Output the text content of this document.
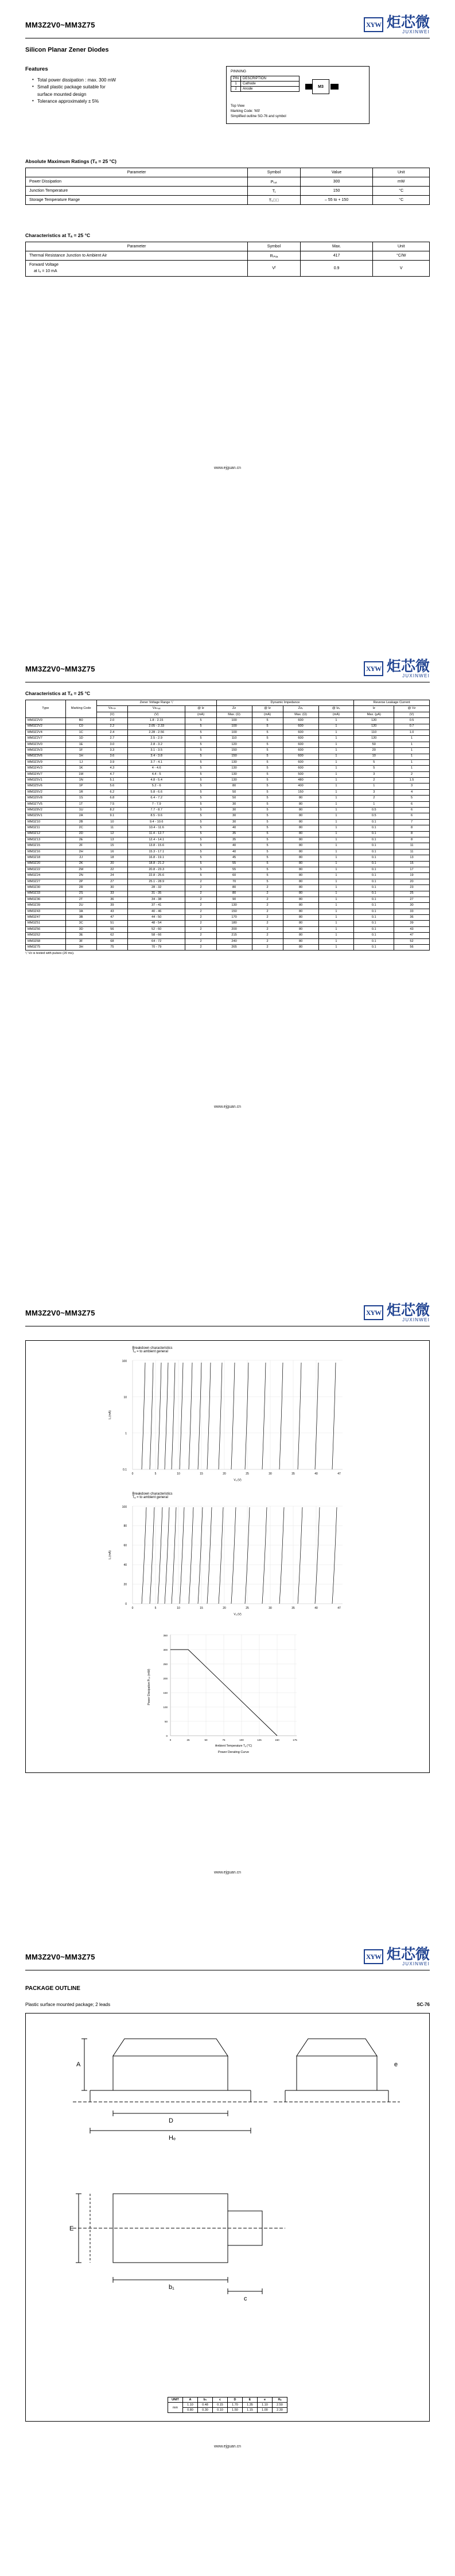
MM3Z2V0~MM3Z75	XYW 炬芯微
JUXINWEI
Silicon Planar Zener Diodes
Features
• Total power dissipation : max. 300 mW
• Small plastic package suitable for
surface mounted design
• Tolerance approximately ± 5%
PINNING
PIN	DESCRIPTION
1	Cathode
2	Anode
M3
Top View
Marking Code: 'M3'
Simplified outline SO-76 and symbol
Absolute Maximum Ratings (Tₐ = 25 °C)
Parameter	Symbol	Value	Unit
Power Dissipation	Pₜₒₜ	300	mW
Junction Temperature	Tⱼ	150	°C
Storage Temperature Range	Tₛₜ⃒	– 55 to + 150	°C
Characteristics at Tₐ = 25 °C
Parameter	Symbol	Max.	Unit
Thermal Resistance Junction to Ambient Air	Rₜₕⱼₐ	417	°C/W

Forward Voltage
at Iₑ = 10 mA	Vᶠ	0.9	V
www.ejguan.cn
MM3Z2V0~MM3Z75	XYW 炬芯微
JUXINWEI
Characteristics at Tₐ = 25 °C
Type	Marking Code	Zener Voltage Range ¹⧸			Dynamic Impedance				Reverse Leakage Current	
		Vᴢₘᵢₙ	Vᴢₘₐₓ	@ Iᴢ	Zᴢ	@ Iᴢ	Zᴢₖ	@ Iᴢₖ	Iᴢ	@ Vᴢ
		(V)	(V)	(mA)	Max. (Ω)	(mA)	Max. (Ω)	(mA)	Max. (µA)	(V)
MM3Z2V0	B0	2.0	1.8 - 2.15	5	100	5	600	1	120	0.5
MM3Z2V2	C0	2.2	2.05 - 2.33	5	100	5	600	1	120	0.7
MM3Z2V4	1C	2.4	2.28 - 2.56	5	100	5	600	1	110	1.0
MM3Z2V7	1D	2.7	2.5 - 2.9	5	110	5	600	1	120	1
MM3Z3V0	1E	3.0	2.8 - 3.2	5	120	5	600	1	50	1
MM3Z3V3	1F	3.3	3.1 - 3.5	5	150	5	600	1	20	1
MM3Z3V6	1H	3.6	3.4 - 3.8	5	150	5	600	1	10	1
MM3Z3V9	1J	3.9	3.7 - 4.1	5	130	5	600	1	5	1
MM3Z4V3	1K	4.3	4 - 4.6	5	130	5	600	1	5	1
MM3Z4V7	1M	4.7	4.4 - 5	5	130	5	500	1	3	2
MM3Z5V1	1N	5.1	4.8 - 5.4	5	130	5	480	1	2	1.5
MM3Z5V6	1P	5.6	5.2 - 6	5	80	5	400	1	1	3
MM3Z6V2	1R	6.2	5.8 - 6.6	5	50	5	150	1	3	4
MM3Z6V8	1S	6.8	6.4 - 7.2	5	50	5	80	1	2	5
MM3Z7V5	1T	7.5	7 - 7.9	5	30	5	80	1	1	6
MM3Z8V2	1U	8.2	7.7 - 8.7	5	30	5	80	1	0.5	6
MM3Z9V1	2A	9.1	8.5 - 9.6	5	30	5	80	1	0.5	6
MM3Z10	2B	10	9.4 - 10.6	5	30	5	80	1	0.1	7
MM3Z11	2C	11	10.4 - 11.6	5	40	5	80	1	0.1	8
MM3Z12	2D	12	11.4 - 12.7	5	35	5	80	1	0.1	8
MM3Z13	2E	13	12.4 - 14.1	5	35	5	80	1	0.1	8
MM3Z15	2F	15	13.8 - 15.6	5	40	5	80	1	0.1	11
MM3Z16	2H	16	15.3 - 17.1	5	40	5	80	1	0.1	11
MM3Z18	2J	18	16.8 - 19.1	5	45	5	80	1	0.1	13
MM3Z20	2K	20	18.8 - 21.2	5	55	5	80	1	0.1	15
MM3Z22	2M	22	20.8 - 23.3	5	55	5	80	1	0.1	17
MM3Z24	2N	24	22.8 - 25.6	5	60	5	80	1	0.1	19
MM3Z27	2P	27	25.1 - 28.9	2	70	5	80	1	0.1	20
MM3Z30	2R	30	28 - 32	2	80	2	80	1	0.1	23
MM3Z33	2S	33	31 - 35	2	80	2	80	1	0.1	25
MM3Z36	2T	36	34 - 38	2	90	2	80	1	0.1	27
MM3Z39	2U	39	37 - 41	2	130	2	80	1	0.1	30
MM3Z43	3A	43	40 - 46	2	150	2	80	1	0.1	33
MM3Z47	3B	47	44 - 50	2	170	2	80	1	0.1	36
MM3Z51	3C	51	48 - 54	2	180	2	80	1	0.1	39
MM3Z56	3D	56	52 - 60	2	200	2	80	1	0.1	43
MM3Z62	3E	62	58 - 66	2	215	2	80	1	0.1	47
MM3Z68	3F	68	64 - 72	2	240	2	80	1	0.1	52
MM3Z75	3H	75	70 - 79	2	265	2	80	1	0.1	56
¹⧸ Vᴢ is tested with pulses (20 ms).
www.ejguan.cn
MM3Z2V0~MM3Z75	XYW 炬芯微
JUXINWEI
Breakdown characteristics
Tₐ = to ambient general
0.1
1
10
100
0	5	10	15	20	25	30	35	40	47
Vₔ (V)
Iₔ (mA)
Breakdown characteristics
Tₐ = to ambient general
0
20
40
60
80
100
0	5	10	15	20	25	30	35	40	47
Vₔ (V)
Iₔ (mA)
0
50
100
150
200
250
300
350
0	25	50	75	100	125	150	175
Ambient Temperature Tₐ (°C)
Power Dissipation Pₜₒₜ (mW)
Power Derating Curve
www.ejguan.cn
MM3Z2V0~MM3Z75	XYW 炬芯微
JUXINWEI
PACKAGE OUTLINE
Plastic surface mounted package; 2 leads	SC-76
A
D
Hₑ
E
b₁
c
e
UNIT	A	b₁	c	D	E	e	Hₑ
mm	1.10	0.48	0.15	1.70	1.35	1.10	2.50
	0.80	0.30	0.10	1.50	1.15	1.00	2.30
www.ejguan.cn
